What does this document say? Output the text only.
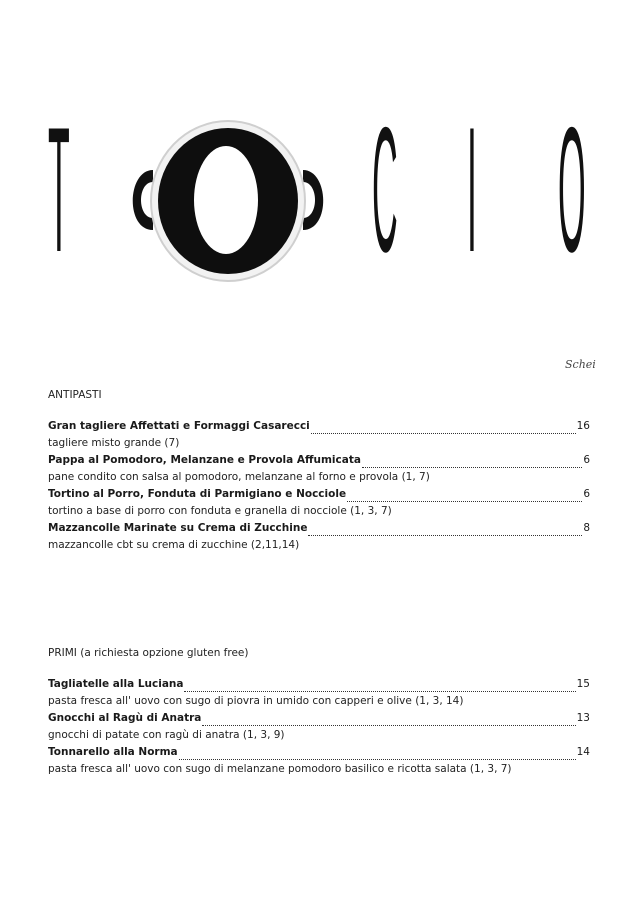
T C I O
Schei
ANTIPASTI
Gran tagliere Affettati e Formaggi Casarecci	16
tagliere misto grande (7)
Pappa al Pomodoro, Melanzane e Provola Affumicata	6
pane condito con salsa al pomodoro, melanzane al forno e provola (1, 7)
Tortino al Porro, Fonduta di Parmigiano e Nocciole	6
tortino a base di porro con fonduta e granella di nocciole (1, 3, 7)
Mazzancolle Marinate su Crema di Zucchine	8
mazzancolle cbt su crema di zucchine (2,11,14)
PRIMI (a richiesta opzione gluten free)
Tagliatelle alla Luciana	15
pasta fresca all' uovo con sugo di piovra in umido con capperi e olive (1, 3, 14)
Gnocchi al Ragù di Anatra	13
gnocchi di patate con ragù di anatra (1, 3, 9)
Tonnarello alla Norma	14
pasta fresca all' uovo con sugo di melanzane pomodoro basilico e ricotta salata (1, 3, 7)
